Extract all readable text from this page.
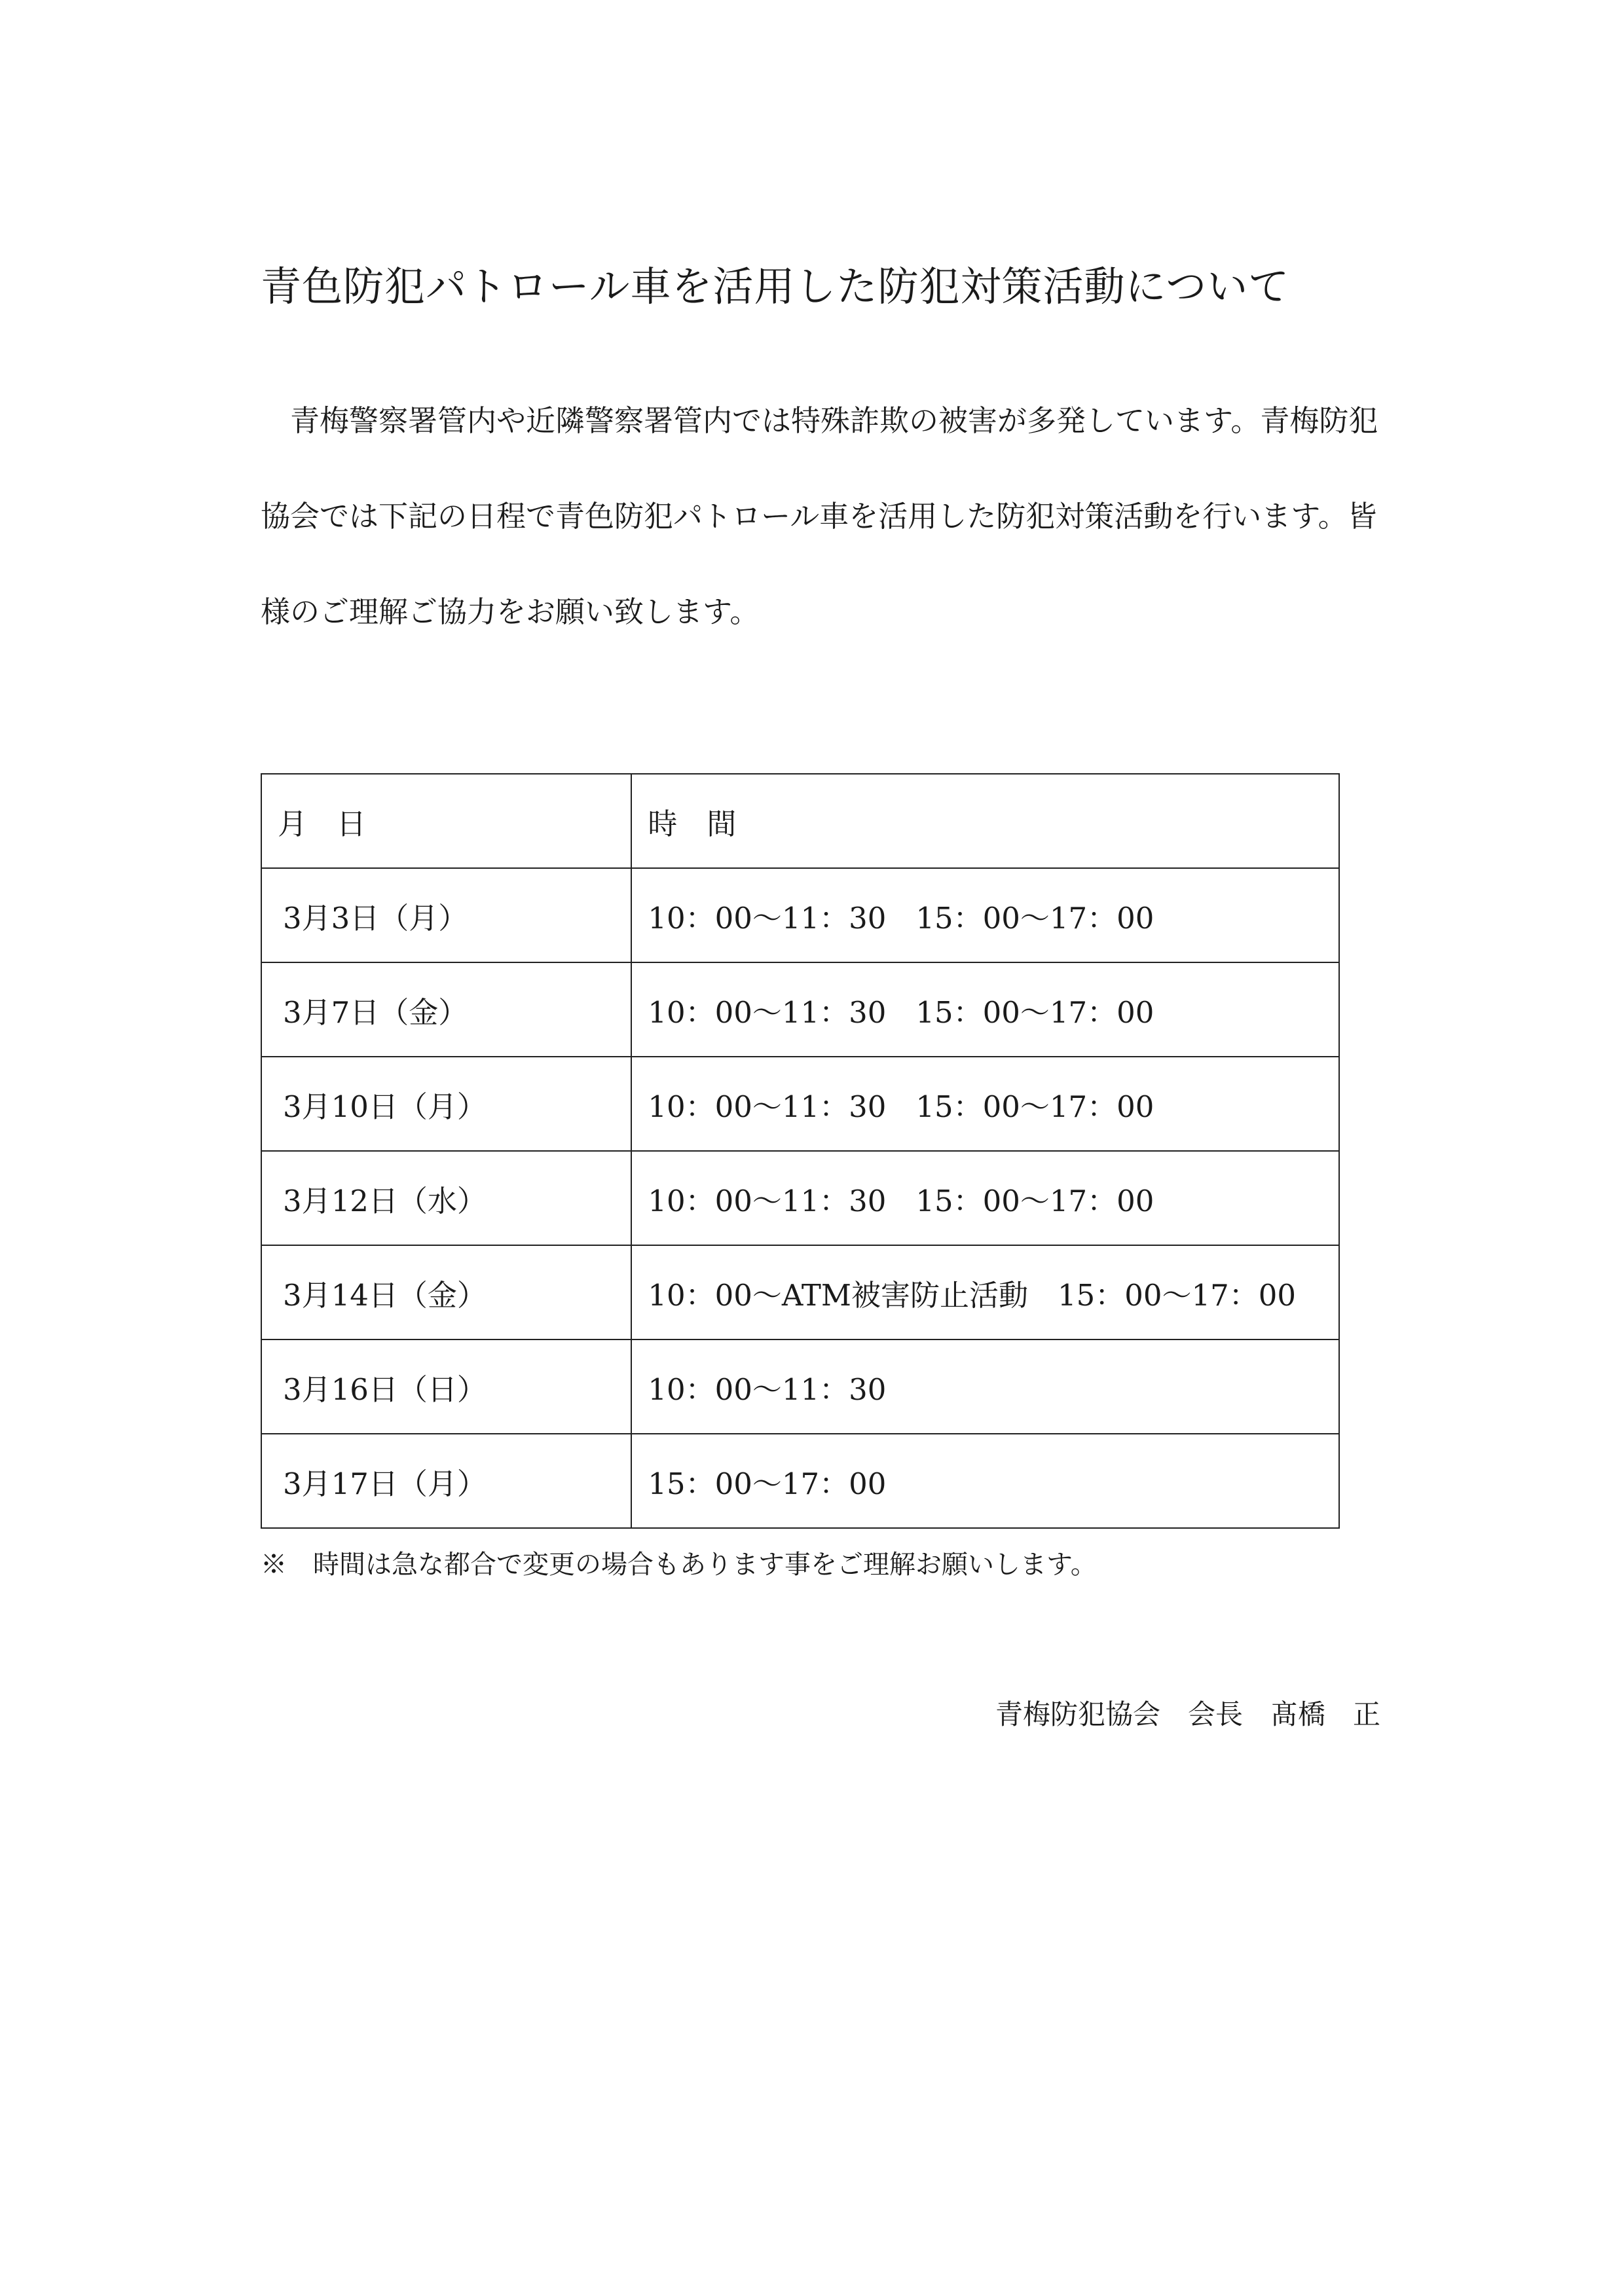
青色防犯パトロール車を活用した防犯対策活動について

青梅警察署管内や近隣警察署管内では特殊詐欺の被害が多発しています。青梅防犯

協会では下記の日程で青色防犯パトロール車を活用した防犯対策活動を行います。皆

様のご理解ご協力をお願い致します。

月　日	時　間
3月3日（月）	10：00～11：30　15：00～17：00
3月7日（金）	10：00～11：30　15：00～17：00
3月10日（月）	10：00～11：30　15：00～17：00
3月12日（水）	10：00～11：30　15：00～17：00
3月14日（金）	10：00～ATM被害防止活動　15：00～17：00
3月16日（日）	10：00～11：30
3月17日（月）	15：00～17：00

※　時間は急な都合で変更の場合もあります事をご理解お願いします。

青梅防犯協会　会長　髙橋　正
